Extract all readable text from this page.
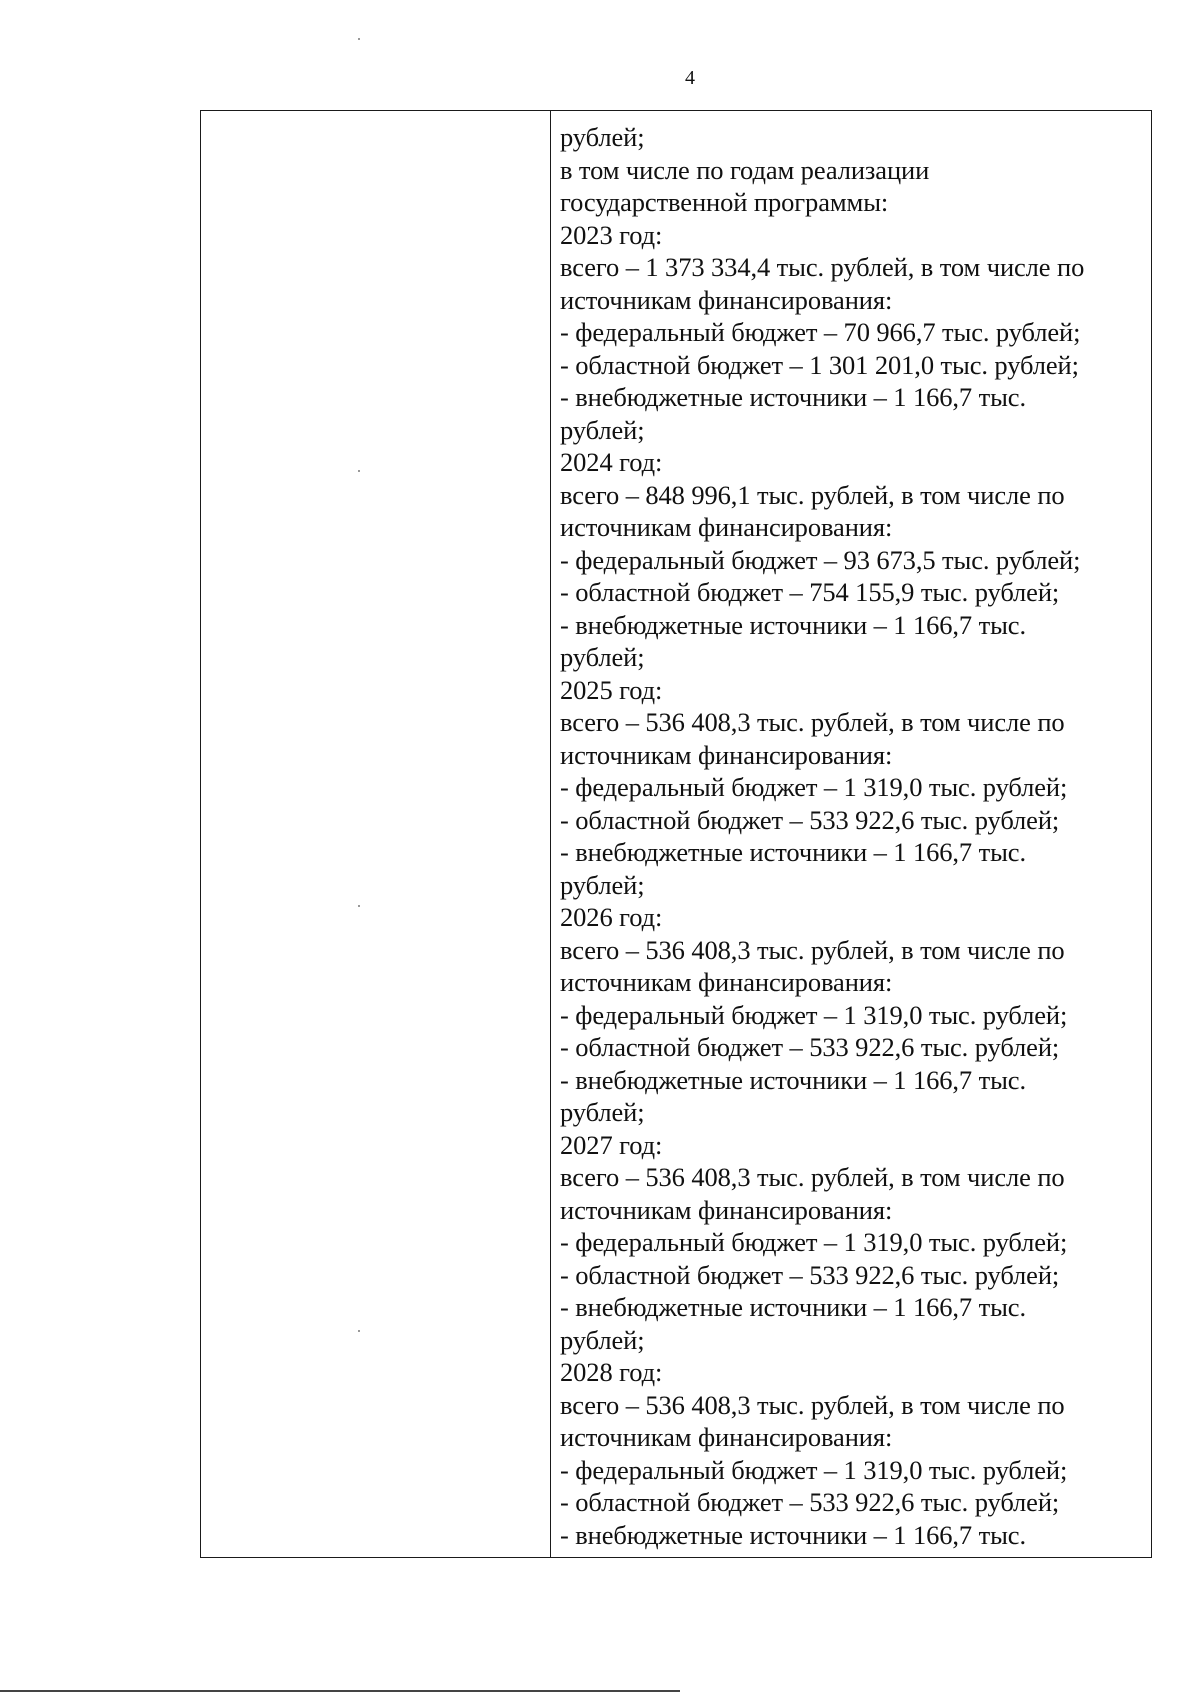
4
рублей;
в том числе по годам реализации
государственной программы:
2023 год:
всего – 1 373 334,4 тыс. рублей, в том числе по
источникам финансирования:
- федеральный бюджет – 70 966,7 тыс. рублей;
- областной бюджет – 1 301 201,0 тыс. рублей;
- внебюджетные источники – 1 166,7 тыс.
рублей;
2024 год:
всего – 848 996,1 тыс. рублей, в том числе по
источникам финансирования:
- федеральный бюджет – 93 673,5 тыс. рублей;
- областной бюджет – 754 155,9 тыс. рублей;
- внебюджетные источники – 1 166,7 тыс.
рублей;
2025 год:
всего – 536 408,3 тыс. рублей, в том числе по
источникам финансирования:
- федеральный бюджет – 1 319,0 тыс. рублей;
- областной бюджет – 533 922,6 тыс. рублей;
- внебюджетные источники – 1 166,7 тыс.
рублей;
2026 год:
всего – 536 408,3 тыс. рублей, в том числе по
источникам финансирования:
- федеральный бюджет – 1 319,0 тыс. рублей;
- областной бюджет – 533 922,6 тыс. рублей;
- внебюджетные источники – 1 166,7 тыс.
рублей;
2027 год:
всего – 536 408,3 тыс. рублей, в том числе по
источникам финансирования:
- федеральный бюджет – 1 319,0 тыс. рублей;
- областной бюджет – 533 922,6 тыс. рублей;
- внебюджетные источники – 1 166,7 тыс.
рублей;
2028 год:
всего – 536 408,3 тыс. рублей, в том числе по
источникам финансирования:
- федеральный бюджет – 1 319,0 тыс. рублей;
- областной бюджет – 533 922,6 тыс. рублей;
- внебюджетные источники – 1 166,7 тыс.
